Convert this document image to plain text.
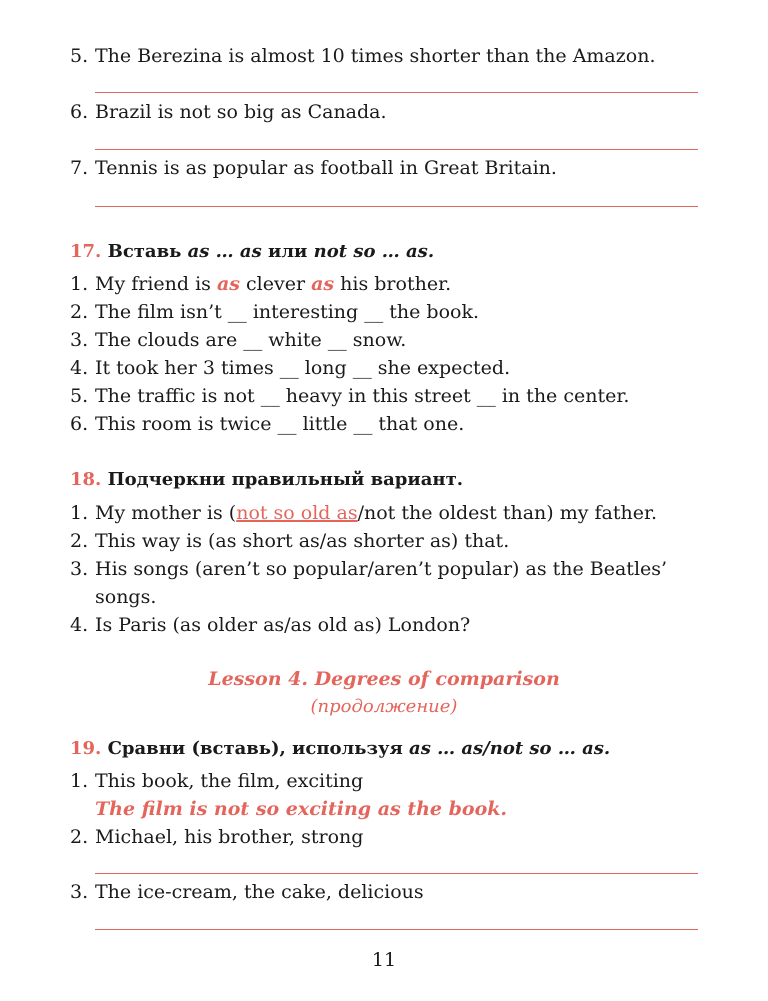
5. The Berezina is almost 10 times shorter than the Amazon.
6. Brazil is not so big as Canada.
7. Tennis is as popular as football in Great Britain.
17. Вставь as … as или not so … as.
1. My friend is as clever as his brother.
2. The film isn’t __ interesting __ the book.
3. The clouds are __ white __ snow.
4. It took her 3 times __ long __ she expected.
5. The traffic is not __ heavy in this street __ in the center.
6. This room is twice __ little __ that one.
18. Подчеркни правильный вариант.
1. My mother is (not so old as/not the oldest than) my father.
2. This way is (as short as/as shorter as) that.
3. His songs (aren’t so popular/aren’t popular) as the Beatles’
songs.
4. Is Paris (as older as/as old as) London?
Lesson 4. Degrees of comparison
(продолжение)
19. Сравни (вставь), используя as … as/not so … as.
1. This book, the film, exciting
The film is not so exciting as the book.
2. Michael, his brother, strong
3. The ice-cream, the cake, delicious
11
